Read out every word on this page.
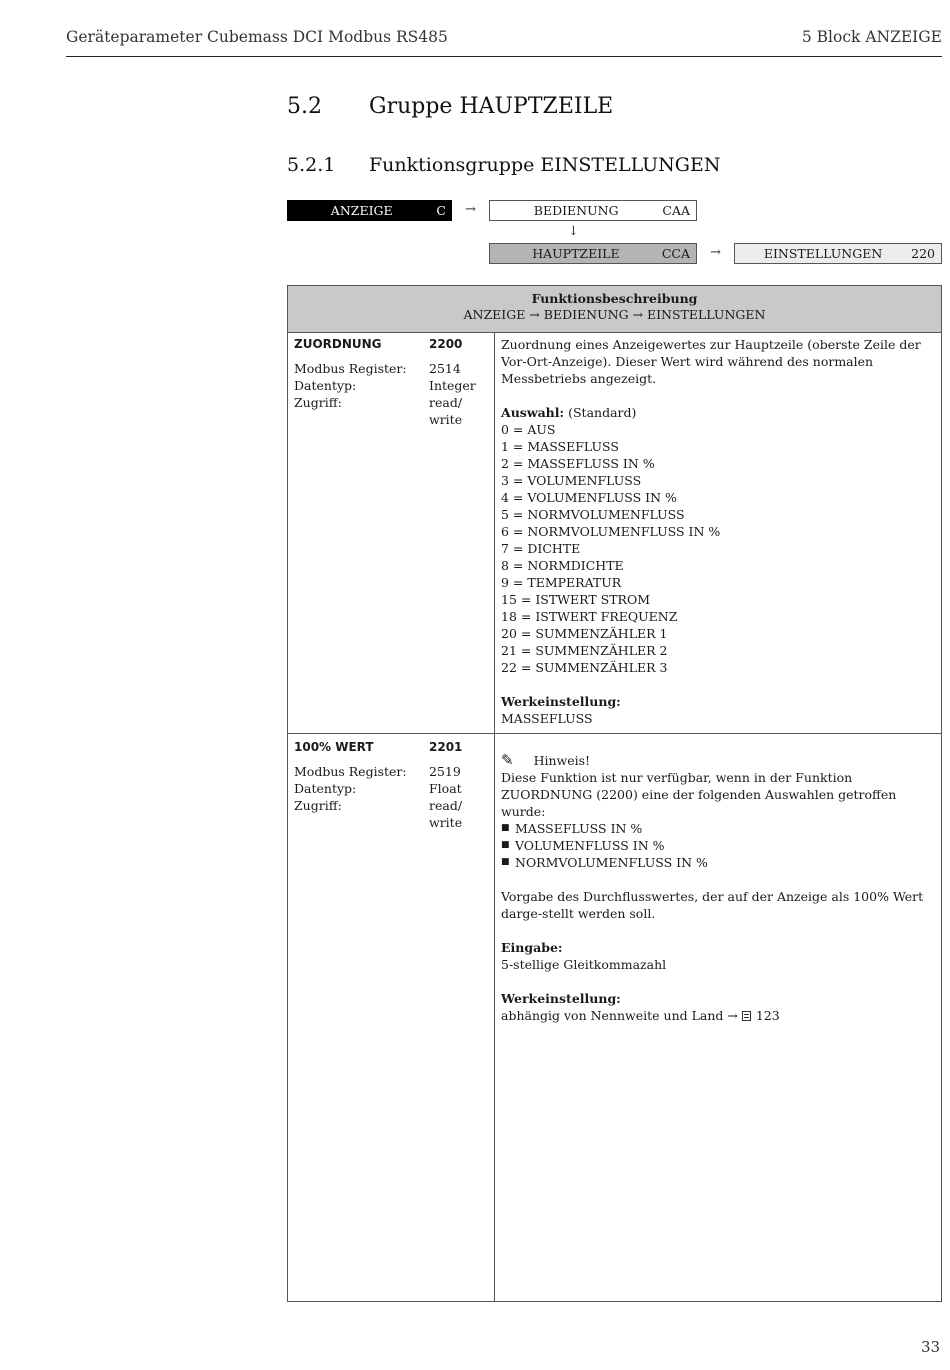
Geräteparameter Cubemass DCI Modbus RS485	5 Block ANZEIGE
5.2 Gruppe HAUPTZEILE
5.2.1 Funktionsgruppe EINSTELLUNGEN
ANZEIGE	C	→	BEDIENUNG	CAA
↓
HAUPTZEILE	CCA	→	EINSTELLUNGEN	220
Funktionsbeschreibung
ANZEIGE → BEDIENUNG → EINSTELLUNGEN
ZUORDNUNG	2200
Modbus Register:	2514
Datentyp:	Integer
Zugriff:	read/
write

Zuordnung eines Anzeigewertes zur Hauptzeile (oberste Zeile der Vor-Ort-Anzeige). Dieser Wert wird während des normalen Messbetriebs angezeigt.

Auswahl: (Standard)

0 = AUS

1 = MASSEFLUSS

2 = MASSEFLUSS IN %

3 = VOLUMENFLUSS

4 = VOLUMENFLUSS IN %

5 = NORMVOLUMENFLUSS

6 = NORMVOLUMENFLUSS IN %

7 = DICHTE

8 = NORMDICHTE

9 = TEMPERATUR

15 = ISTWERT STROM

18 = ISTWERT FREQUENZ

20 = SUMMENZÄHLER 1

21 = SUMMENZÄHLER 2

22 = SUMMENZÄHLER 3

Werkeinstellung:

MASSEFLUSS

100% WERT	2201
Modbus Register:	2519
Datentyp:	Float
Zugriff:	read/
write

✎ Hinweis!

Diese Funktion ist nur verfügbar, wenn in der Funktion ZUORDNUNG (2200) eine der folgenden Auswahlen getroffen wurde:

■ MASSEFLUSS IN %
■ VOLUMENFLUSS IN %
■ NORMVOLUMENFLUSS IN %

Vorgabe des Durchflusswertes, der auf der Anzeige als 100% Wert darge-stellt werden soll.

Eingabe:

5-stellige Gleitkommazahl

Werkeinstellung:

abhängig von Nennweite und Land → 123

33
